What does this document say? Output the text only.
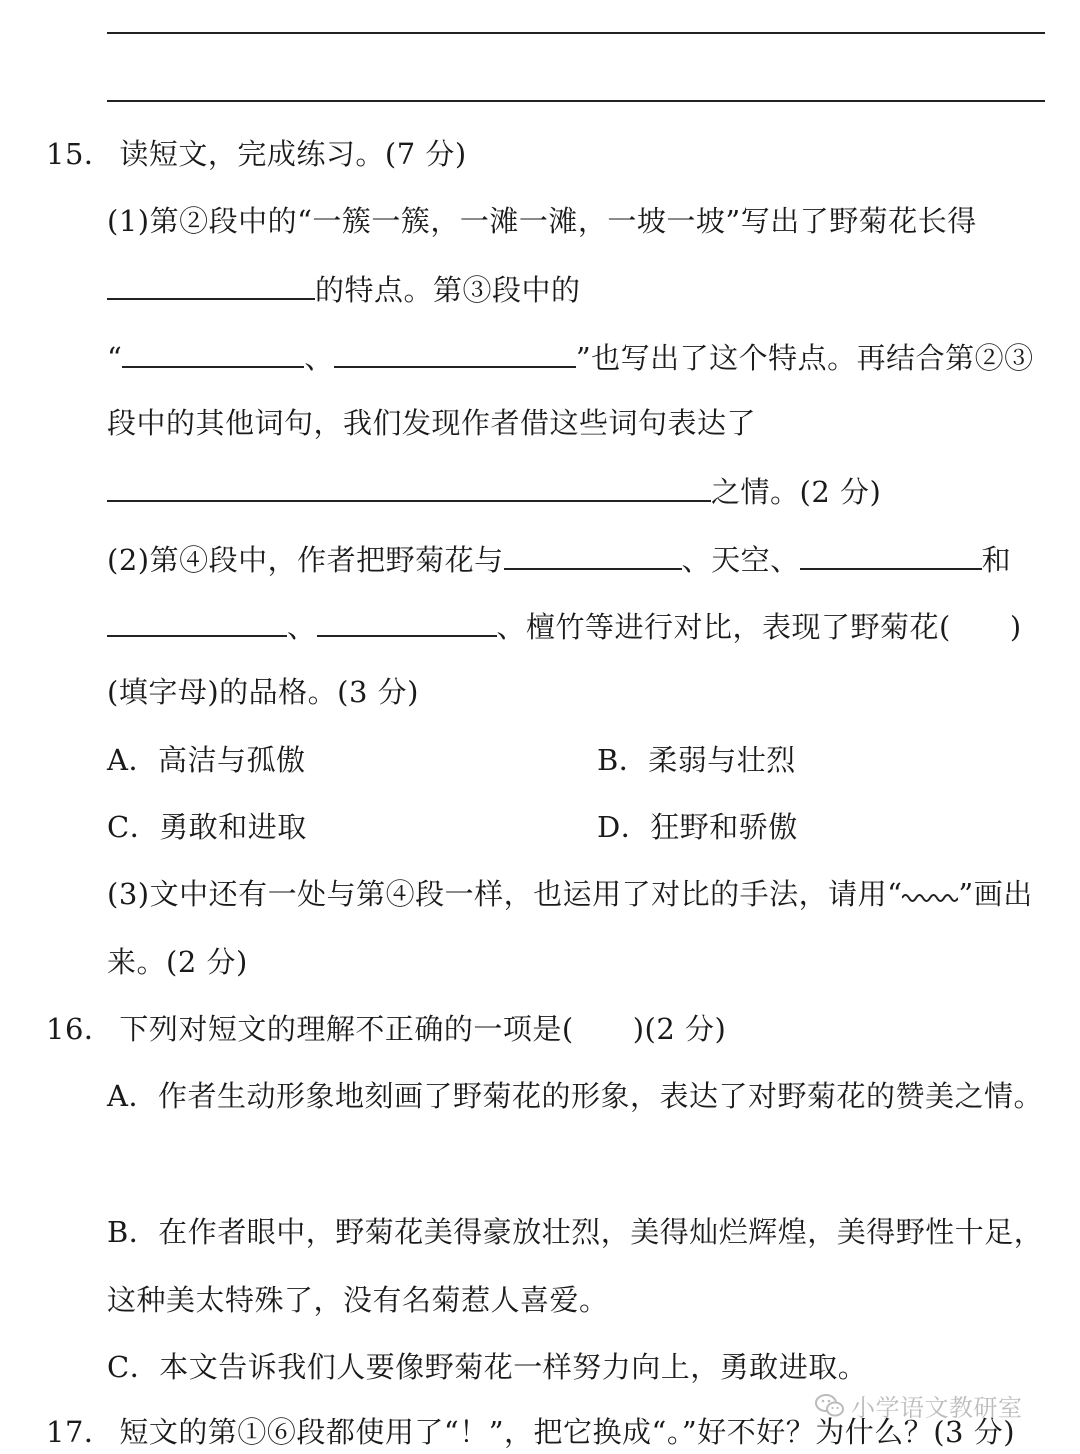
15． 读短文，完成练习。(7 分)
(1)第②段中的“一簇一簇，一滩一滩，一坡一坡”写出了野菊花长得
的特点。第③段中的
“	、	”也写出了这个特点。再结合第②③
段中的其他词句，我们发现作者借这些词句表达了
之情。(2 分)
(2)第④段中，作者把野菊花与	、天空、	和
、	、檀竹等进行对比，表现了野菊花(　　)
(填字母)的品格。(3 分)
A．高洁与孤傲	B．柔弱与壮烈
C．勇敢和进取	D．狂野和骄傲
(3)文中还有一处与第④段一样，也运用了对比的手法，请用“ ”画出
来。(2 分)
16． 下列对短文的理解不正确的一项是(　　)(2 分)
A．作者生动形象地刻画了野菊花的形象，表达了对野菊花的赞美之情。
B．在作者眼中，野菊花美得豪放壮烈，美得灿烂辉煌，美得野性十足，
这种美太特殊了，没有名菊惹人喜爱。
C．本文告诉我们人要像野菊花一样努力向上，勇敢进取。
17． 短文的第①⑥段都使用了“！”，把它换成“。”好不好？为什么？(3 分)
小学语文教研室
